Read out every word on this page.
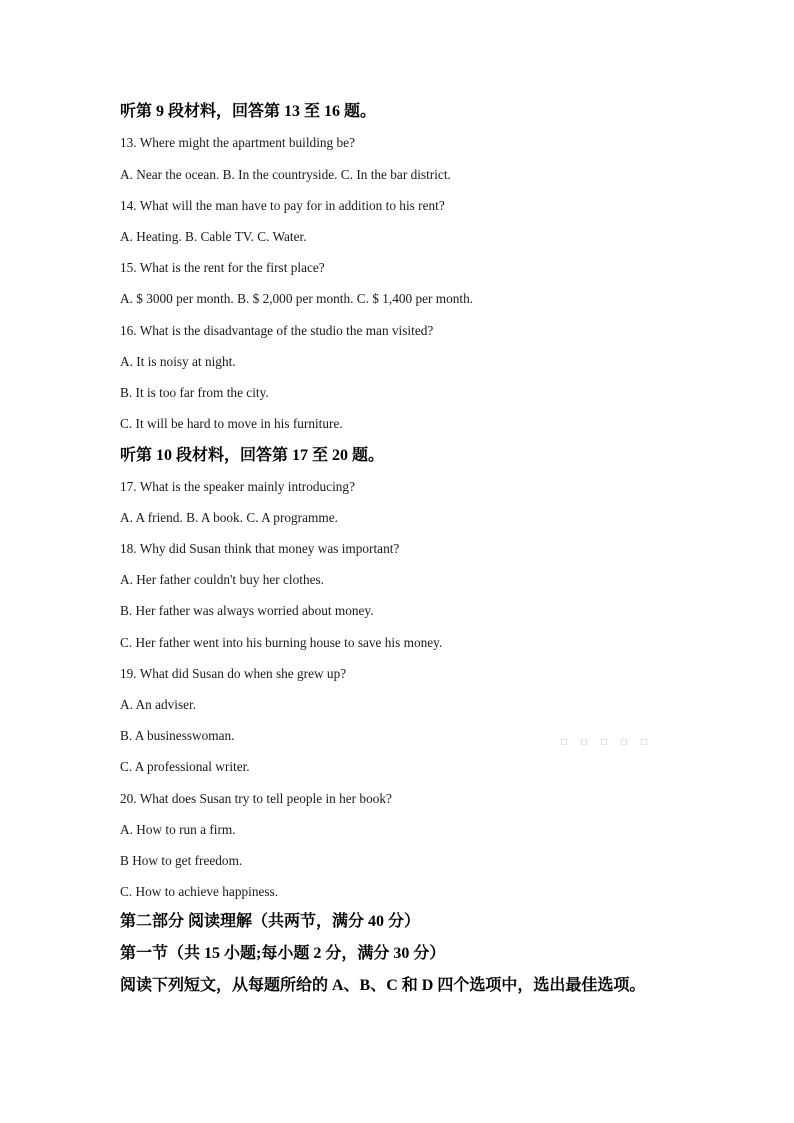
听第 9 段材料，回答第 13 至 16 题。
13. Where might the apartment building be?
A. Near the ocean. B. In the countryside. C. In the bar district.
14. What will the man have to pay for in addition to his rent?
A. Heating. B. Cable TV. C. Water.
15. What is the rent for the first place?
A. $ 3000 per month. B. $ 2,000 per month. C. $ 1,400 per month.
16. What is the disadvantage of the studio the man visited?
A. It is noisy at night.
B. It is too far from the city.
C. It will be hard to move in his furniture.
听第 10 段材料，回答第 17 至 20 题。
17. What is the speaker mainly introducing?
A. A friend. B. A book. C. A programme.
18. Why did Susan think that money was important?
A. Her father couldn't buy her clothes.
B. Her father was always worried about money.
C. Her father went into his burning house to save his money.
19. What did Susan do when she grew up?
A. An adviser.
B. A businesswoman.
C. A professional writer.
20. What does Susan try to tell people in her book?
A. How to run a firm.
B How to get freedom.
C. How to achieve happiness.
第二部分 阅读理解（共两节，满分 40 分）
第一节（共 15 小题;每小题 2 分，满分 30 分）
阅读下列短文，从每题所给的 A、B、C 和 D 四个选项中，选出最佳选项。
▫ ▫ ▫ ▫ ▫
